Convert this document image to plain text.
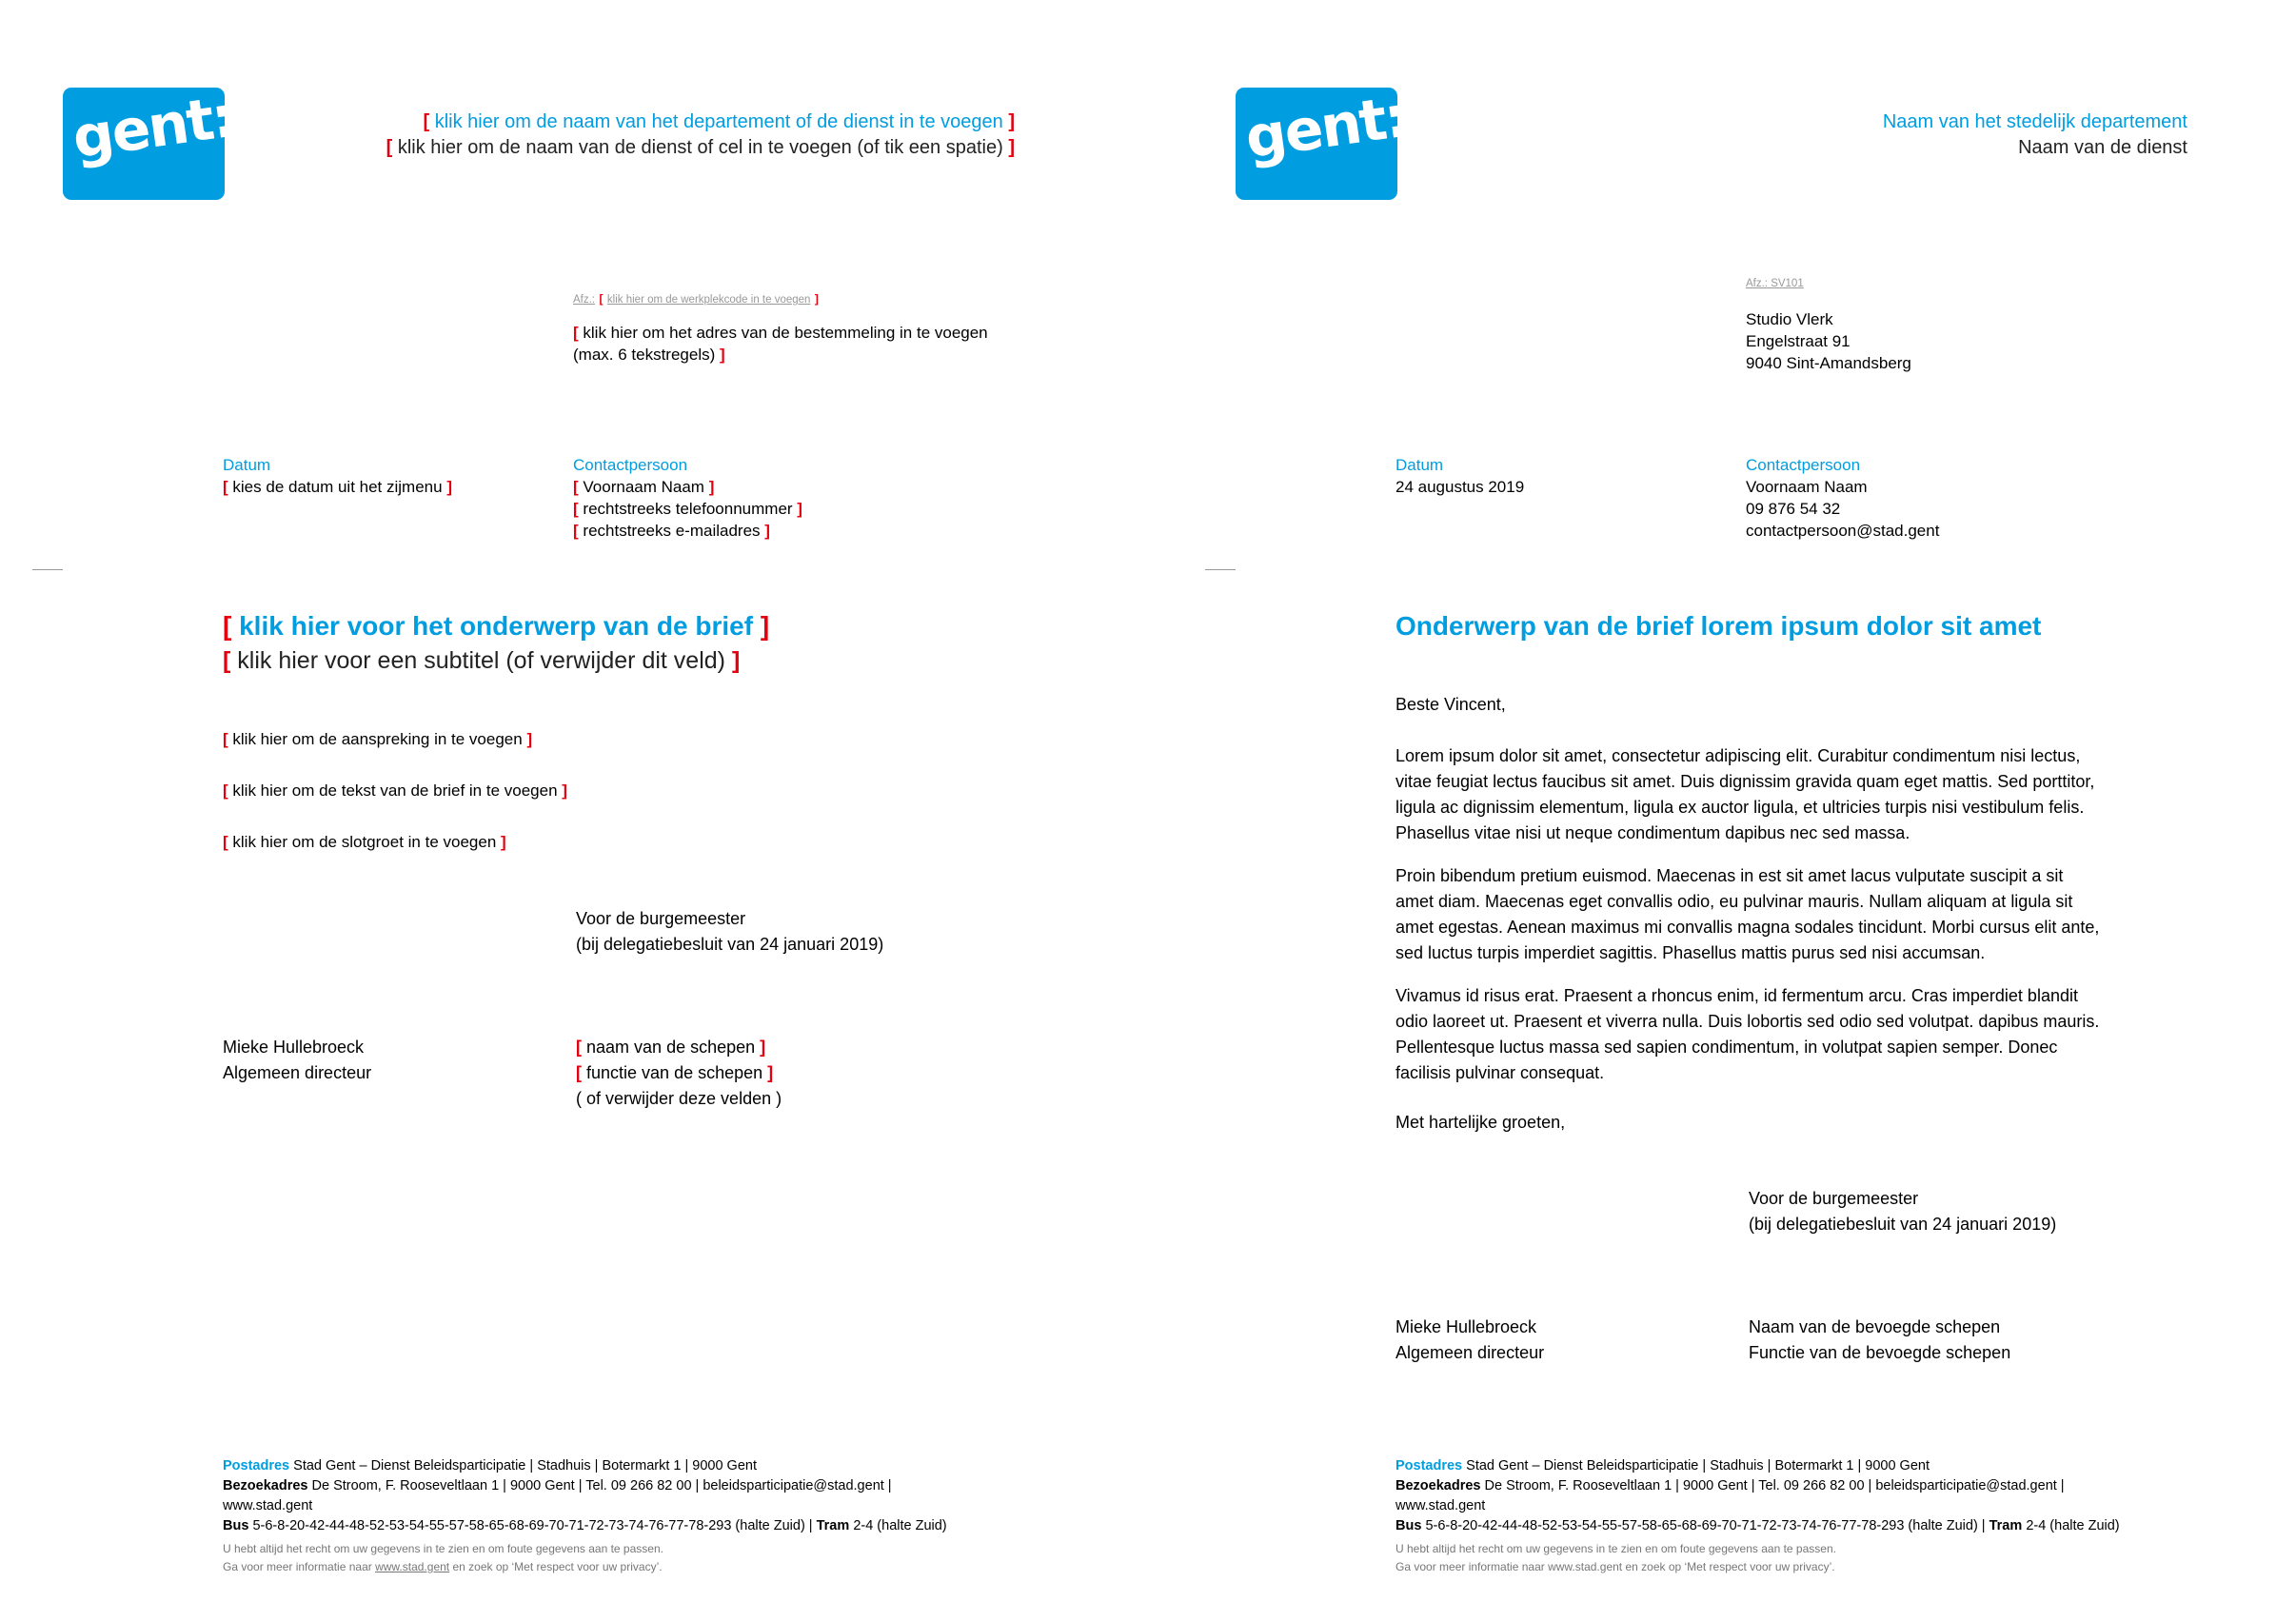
gent:	[ klik hier om de naam van het departement of de dienst in te voegen ]
[ klik hier om de naam van de dienst of cel in te voegen (of tik een spatie) ]
Afz.: [ klik hier om de werkplekcode in te voegen ]
[ klik hier om het adres van de bestemmeling in te voegen
(max. 6 tekstregels) ]
Datum
[ kies de datum uit het zijmenu ]
Contactpersoon
[ Voornaam Naam ]
[ rechtstreeks telefoonnummer ]
[ rechtstreeks e-mailadres ]
[ klik hier voor het onderwerp van de brief ]
[ klik hier voor een subtitel (of verwijder dit veld) ]
[ klik hier om de aanspreking in te voegen ]
[ klik hier om de tekst van de brief in te voegen ]
[ klik hier om de slotgroet in te voegen ]
Voor de burgemeester
(bij delegatiebesluit van 24 januari 2019)
Mieke Hullebroeck
Algemeen directeur
[ naam van de schepen ]
[ functie van de schepen ]
( of verwijder deze velden )
Postadres Stad Gent – Dienst Beleidsparticipatie | Stadhuis | Botermarkt 1 | 9000 Gent
Bezoekadres De Stroom, F. Rooseveltlaan 1 | 9000 Gent | Tel. 09 266 82 00 | beleidsparticipatie@stad.gent |
www.stad.gent
Bus 5-6-8-20-42-44-48-52-53-54-55-57-58-65-68-69-70-71-72-73-74-76-77-78-293 (halte Zuid) | Tram 2-4 (halte Zuid)
U hebt altijd het recht om uw gegevens in te zien en om foute gegevens aan te passen.
Ga voor meer informatie naar www.stad.gent en zoek op ‘Met respect voor uw privacy’.
gent:	Naam van het stedelijk departement
Naam van de dienst
Afz.: SV101
Studio Vlerk
Engelstraat 91
9040 Sint-Amandsberg
Datum
24 augustus 2019
Contactpersoon
Voornaam Naam
09 876 54 32
contactpersoon@stad.gent
Onderwerp van de brief lorem ipsum dolor sit amet
Beste Vincent,
Lorem ipsum dolor sit amet, consectetur adipiscing elit. Curabitur condimentum nisi lectus, vitae feugiat lectus faucibus sit amet. Duis dignissim gravida quam eget mattis. Sed porttitor, ligula ac dignissim elementum, ligula ex auctor ligula, et ultricies turpis nisi vestibulum felis. Phasellus vitae nisi ut neque condimentum dapibus nec sed massa.
Proin bibendum pretium euismod. Maecenas in est sit amet lacus vulputate suscipit a sit amet diam. Maecenas eget convallis odio, eu pulvinar mauris. Nullam aliquam at ligula sit amet egestas. Aenean maximus mi convallis magna sodales tincidunt. Morbi cursus elit ante, sed luctus turpis imperdiet sagittis. Phasellus mattis purus sed nisi accumsan.
Vivamus id risus erat. Praesent a rhoncus enim, id fermentum arcu. Cras imperdiet blandit odio laoreet ut. Praesent et viverra nulla. Duis lobortis sed odio sed volutpat. dapibus mauris. Pellentesque luctus massa sed sapien condimentum, in volutpat sapien semper. Donec facilisis pulvinar consequat.
Met hartelijke groeten,
Voor de burgemeester
(bij delegatiebesluit van 24 januari 2019)
Mieke Hullebroeck
Algemeen directeur
Naam van de bevoegde schepen
Functie van de bevoegde schepen
Postadres Stad Gent – Dienst Beleidsparticipatie | Stadhuis | Botermarkt 1 | 9000 Gent
Bezoekadres De Stroom, F. Rooseveltlaan 1 | 9000 Gent | Tel. 09 266 82 00 | beleidsparticipatie@stad.gent |
www.stad.gent
Bus 5-6-8-20-42-44-48-52-53-54-55-57-58-65-68-69-70-71-72-73-74-76-77-78-293 (halte Zuid) | Tram 2-4 (halte Zuid)
U hebt altijd het recht om uw gegevens in te zien en om foute gegevens aan te passen.
Ga voor meer informatie naar www.stad.gent en zoek op ‘Met respect voor uw privacy’.
